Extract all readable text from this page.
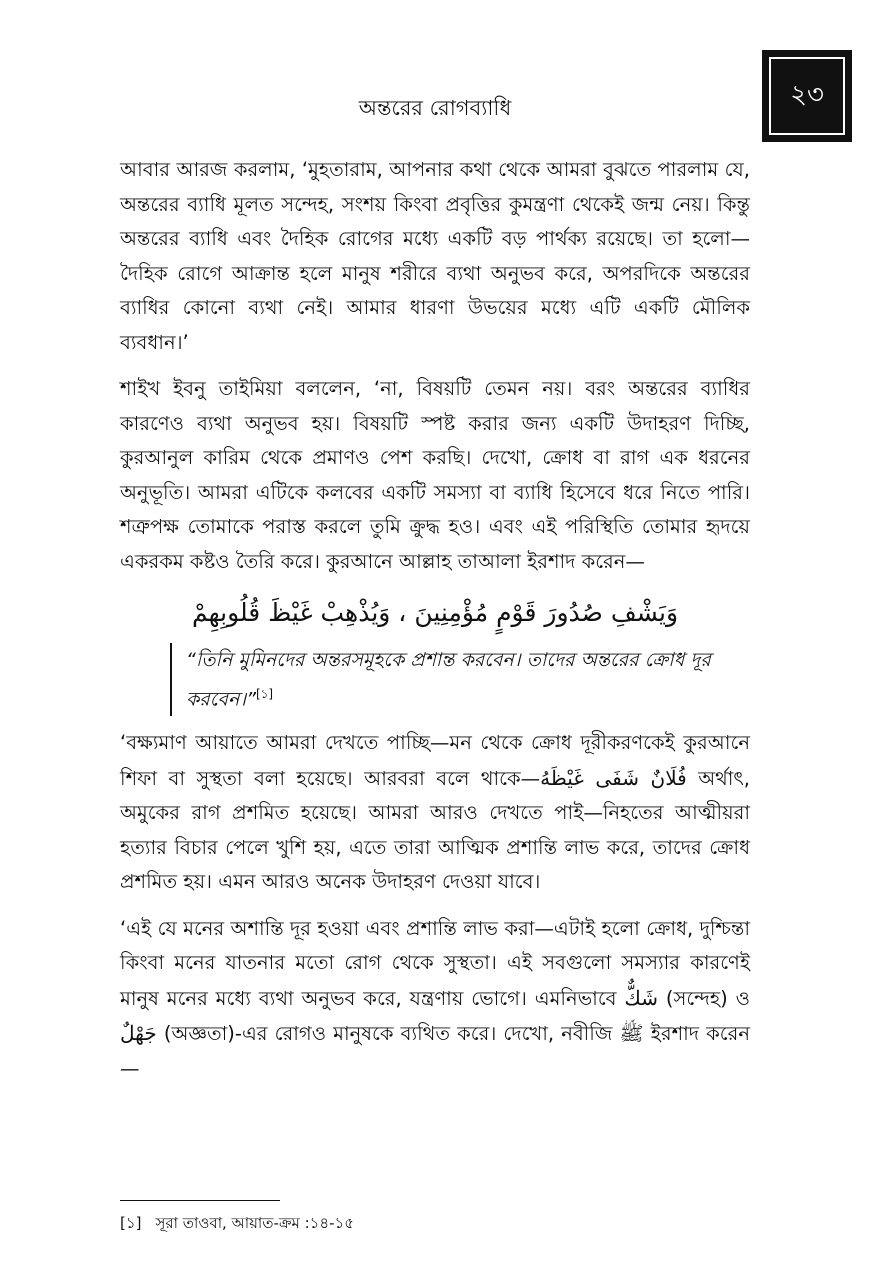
২৩
অন্তরের রোগব্যাধি

আবার আরজ করলাম, ‘মুহতারাম, আপনার কথা থেকে আমরা বুঝতে পারলাম যে, অন্তরের ব্যাধি মূলত সন্দেহ, সংশয় কিংবা প্রবৃত্তির কুমন্ত্রণা থেকেই জন্ম নেয়। কিন্তু অন্তরের ব্যাধি এবং দৈহিক রোগের মধ্যে একটি বড় পার্থক্য রয়েছে। তা হলো—দৈহিক রোগে আক্রান্ত হলে মানুষ শরীরে ব্যথা অনুভব করে, অপরদিকে অন্তরের ব্যাধির কোনো ব্যথা নেই। আমার ধারণা উভয়ের মধ্যে এটি একটি মৌলিক ব্যবধান।’

শাইখ ইবনু তাইমিয়া বললেন, ‘না, বিষয়টি তেমন নয়। বরং অন্তরের ব্যাধির কারণেও ব্যথা অনুভব হয়। বিষয়টি স্পষ্ট করার জন্য একটি উদাহরণ দিচ্ছি, কুরআনুল কারিম থেকে প্রমাণও পেশ করছি। দেখো, ক্রোধ বা রাগ এক ধরনের অনুভূতি। আমরা এটিকে কলবের একটি সমস্যা বা ব্যাধি হিসেবে ধরে নিতে পারি। শত্রুপক্ষ তোমাকে পরাস্ত করলে তুমি ক্রুদ্ধ হও। এবং এই পরিস্থিতি তোমার হৃদয়ে একরকম কষ্টও তৈরি করে। কুরআনে আল্লাহ তাআলা ইরশাদ করেন—

وَيَشْفِ صُدُورَ قَوْمٍ مُؤْمِنِينَ ، وَيُذْهِبْ غَيْظَ قُلُوبِهِمْ
“তিনি মুমিনদের অন্তরসমূহকে প্রশান্ত করবেন। তাদের অন্তরের ক্রোধ দূর করবেন।”[১]

‘বক্ষ্যমাণ আয়াতে আমরা দেখতে পাচ্ছি—মন থেকে ক্রোধ দূরীকরণকেই কুরআনে শিফা বা সুস্থতা বলা হয়েছে। আরবরা বলে থাকে—فُلَانٌ شَفَى غَيْظَهُ অর্থাৎ, অমুকের রাগ প্রশমিত হয়েছে। আমরা আরও দেখতে পাই—নিহতের আত্মীয়রা হত্যার বিচার পেলে খুশি হয়, এতে তারা আত্মিক প্রশান্তি লাভ করে, তাদের ক্রোধ প্রশমিত হয়। এমন আরও অনেক উদাহরণ দেওয়া যাবে।

‘এই যে মনের অশান্তি দূর হওয়া এবং প্রশান্তি লাভ করা—এটাই হলো ক্রোধ, দুশ্চিন্তা কিংবা মনের যাতনার মতো রোগ থেকে সুস্থতা। এই সবগুলো সমস্যার কারণেই মানুষ মনের মধ্যে ব্যথা অনুভব করে, যন্ত্রণায় ভোগে। এমনিভাবে شَكٌّ (সন্দেহ) ও جَهْلٌ (অজ্ঞতা)-এর রোগও মানুষকে ব্যথিত করে। দেখো, নবীজি ﷺ ইরশাদ করেন—

[১] সূরা তাওবা, আয়াত-ক্রম :১৪-১৫
